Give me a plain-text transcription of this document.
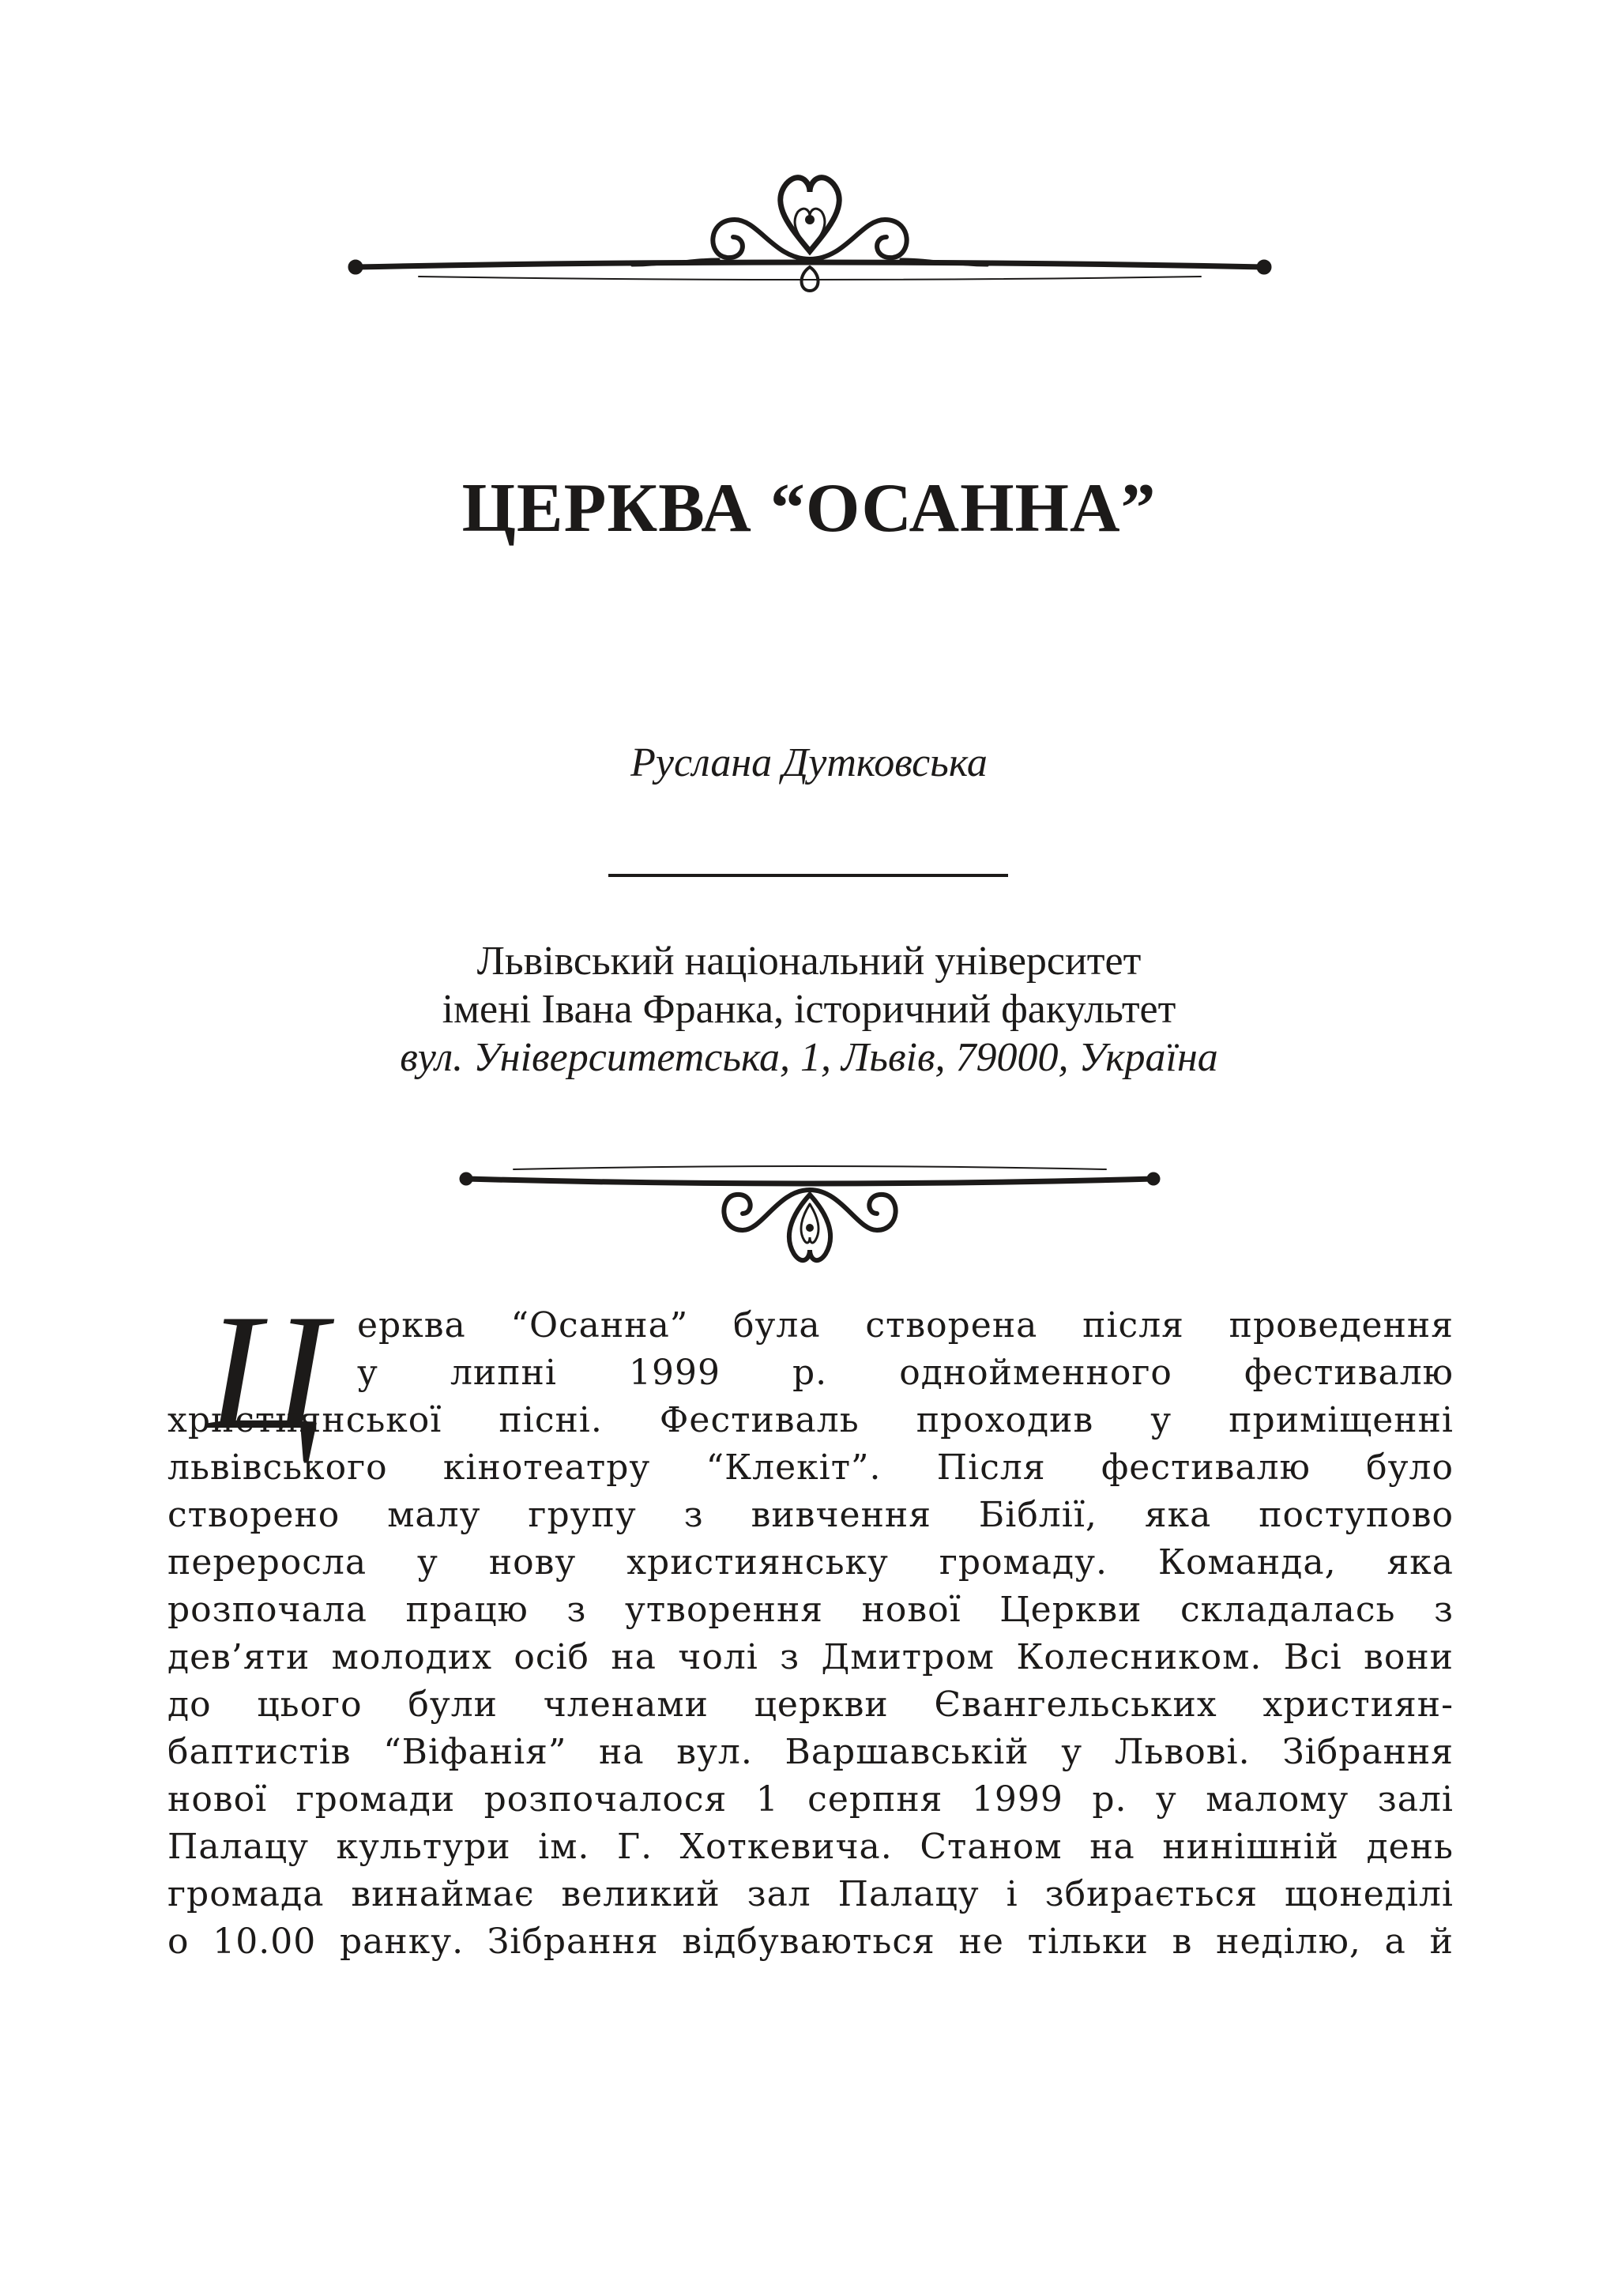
ЦЕРКВА “ОСАННА”
Руслана Дутковська
Львівський національний університет
імені Івана Франка, історичний факультет
вул. Університетська, 1, Львів, 79000, Україна
Ц ерква “Осанна” була створена після проведення
у липні 1999 р. однойменного фестивалю
християнської пісні. Фестиваль проходив у приміщенні
львівського кінотеатру “Клекіт”. Після фестивалю було
створено малу групу з вивчення Біблії, яка поступово
переросла у нову християнську громаду. Команда, яка
розпочала працю з утворення нової Церкви складалась з
дев’яти молодих осіб на чолі з Дмитром Колесником. Всі вони
до цього були членами церкви Євангельських християн-
баптистів “Віфанія” на вул. Варшавській у Львові. Зібрання
нової громади розпочалося 1 серпня 1999 р. у малому залі
Палацу культури ім. Г. Хоткевича. Станом на нинішній день
громада винаймає великий зал Палацу і збирається щонеділі
о 10.00 ранку. Зібрання відбуваються не тільки в неділю, а й
